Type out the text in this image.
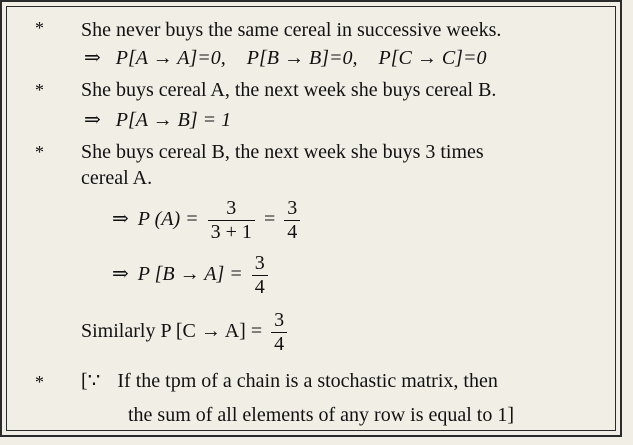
* She never buys the same cereal in successive weeks.
⇒ P[A → A]=0, P[B → B]=0, P[C → C]=0
* She buys cereal A, the next week she buys cereal B.
⇒ P[A → B] = 1
* She buys cereal B, the next week she buys 3 times
cereal A.
⇒ P $(A) = \frac{3}{3 + 1} = \frac{3}{4}$
⇒ P $[B \to A] = \frac{3}{4}$
Similarly P $[C \to A] = \frac{3}{4}$
* [∵ If the tpm of a chain is a stochastic matrix, then
the sum of all elements of any row is equal to 1]
